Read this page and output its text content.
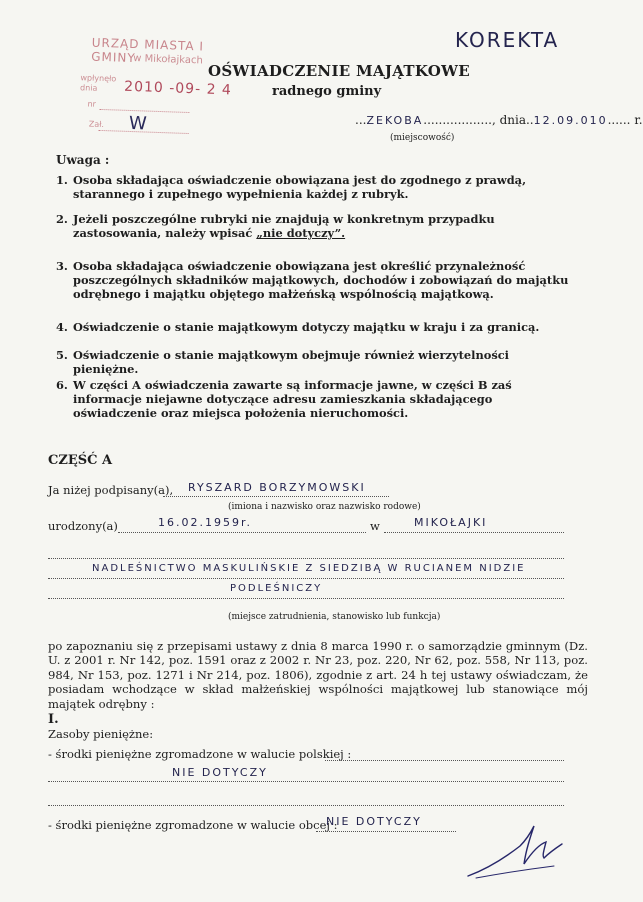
URZĄD MIASTA I GMINY
w Mikołajkach
wpłynęło
dnia 2010 -09- 2 4
nr
Zał. W
KOREKTA
OŚWIADCZENIE MAJĄTKOWE
radnego gminy
...ZEKOBA.................., dnia..12.09.010...... r.
(miejscowość)
Uwaga :
1. Osoba składająca oświadczenie obowiązana jest do zgodnego z prawdą, starannego i zupełnego wypełnienia każdej z rubryk.
2. Jeżeli poszczególne rubryki nie znajdują w konkretnym przypadku zastosowania, należy wpisać „nie dotyczy”.
3. Osoba składająca oświadczenie obowiązana jest określić przynależność poszczególnych składników majątkowych, dochodów i zobowiązań do majątku odrębnego i majątku objętego małżeńską wspólnością majątkową.
4. Oświadczenie o stanie majątkowym dotyczy majątku w kraju i za granicą.
5. Oświadczenie o stanie majątkowym obejmuje również wierzytelności pieniężne.
6. W części A oświadczenia zawarte są informacje jawne, w części B zaś informacje niejawne dotyczące adresu zamieszkania składającego oświadczenie oraz miejsca położenia nieruchomości.
CZĘŚĆ A
Ja niżej podpisany(a), RYSZARD BORZYMOWSKI
(imiona i nazwisko oraz nazwisko rodowe)
urodzony(a)	16.02.1959r.	w	MIKOŁAJKI
NADLEŚNICTWO MASKULIŃSKIE Z SIEDZIBĄ W RUCIANEM NIDZIE
PODLEŚNICZY
(miejsce zatrudnienia, stanowisko lub funkcja)
po zapoznaniu się z przepisami ustawy z dnia 8 marca 1990 r. o samorządzie gminnym (Dz. U. z 2001 r. Nr 142, poz. 1591 oraz z 2002 r. Nr 23, poz. 220, Nr 62, poz. 558, Nr 113, poz. 984, Nr 153, poz. 1271 i Nr 214, poz. 1806), zgodnie z art. 24 h tej ustawy oświadczam, że posiadam wchodzące w skład małżeńskiej wspólności majątkowej lub stanowiące mój majątek odrębny :
I.
Zasoby pieniężne:
- środki pieniężne zgromadzone w walucie polskiej :
NIE DOTYCZY
- środki pieniężne zgromadzone w walucie obcej :
NIE DOTYCZY
